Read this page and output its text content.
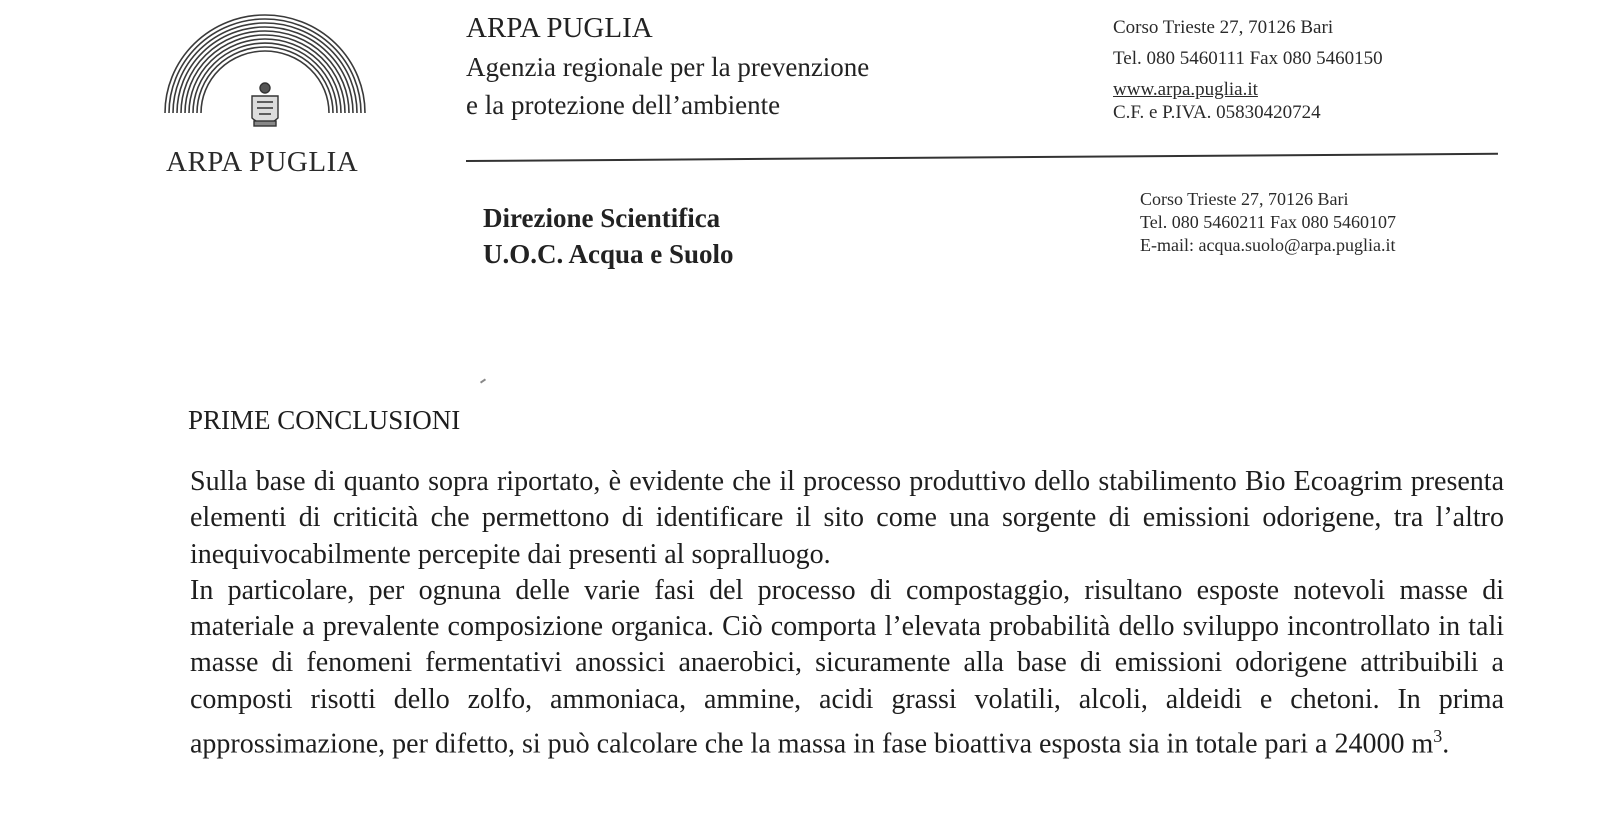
ARPA PUGLIA
ARPA PUGLIA
Agenzia regionale per la prevenzione
e la protezione dell’ambiente
Corso Trieste 27, 70126 Bari
Tel. 080 5460111 Fax 080 5460150
www.arpa.puglia.it
C.F. e P.IVA. 05830420724
Direzione Scientifica
U.O.C. Acqua e Suolo
Corso Trieste 27, 70126 Bari
Tel. 080 5460211 Fax 080 5460107
E-mail: acqua.suolo@arpa.puglia.it
PRIME CONCLUSIONI

Sulla base di quanto sopra riportato, è evidente che il processo produttivo dello stabilimento Bio Ecoagrim presenta elementi di criticità che permettono di identificare il sito come una sorgente di emissioni odorigene, tra l’altro inequivocabilmente percepite dai presenti al sopralluogo.

In particolare, per ognuna delle varie fasi del processo di compostaggio, risultano esposte notevoli masse di materiale a prevalente composizione organica. Ciò comporta l’elevata probabilità dello sviluppo incontrollato in tali masse di fenomeni fermentativi anossici anaerobici, sicuramente alla base di emissioni odorigene attribuibili a composti risotti dello zolfo, ammoniaca, ammine, acidi grassi volatili, alcoli, aldeidi e chetoni. In prima approssimazione, per difetto, si può calcolare che la massa in fase bioattiva esposta sia in totale pari a 24000 $m^3$.
